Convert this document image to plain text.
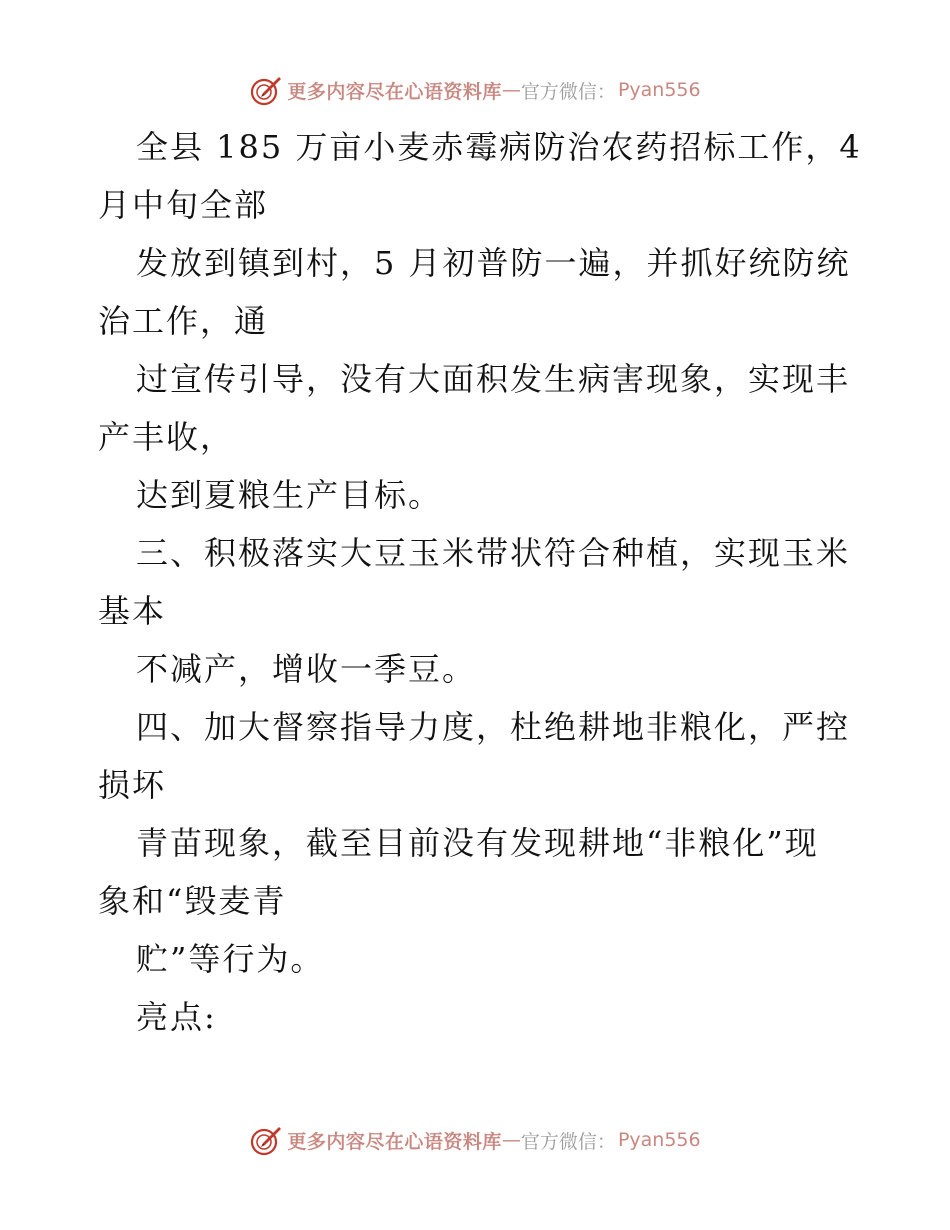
更多内容尽在心语资料库 — 官方微信 ： Pyan556
全县 185 万亩小麦赤霉病防治农药招标工作，4
月中旬全部
发放到镇到村，5 月初普防一遍，并抓好统防统
治工作，通
过宣传引导，没有大面积发生病害现象，实现丰
产丰收，
达到夏粮生产目标。
三、积极落实大豆玉米带状符合种植，实现玉米
基本
不减产，增收一季豆。
四、加大督察指导力度，杜绝耕地非粮化，严控
损坏
青苗现象，截至目前没有发现耕地“非粮化”现
象和“毁麦青
贮”等行为。
亮点:
更多内容尽在心语资料库 — 官方微信 ： Pyan556
